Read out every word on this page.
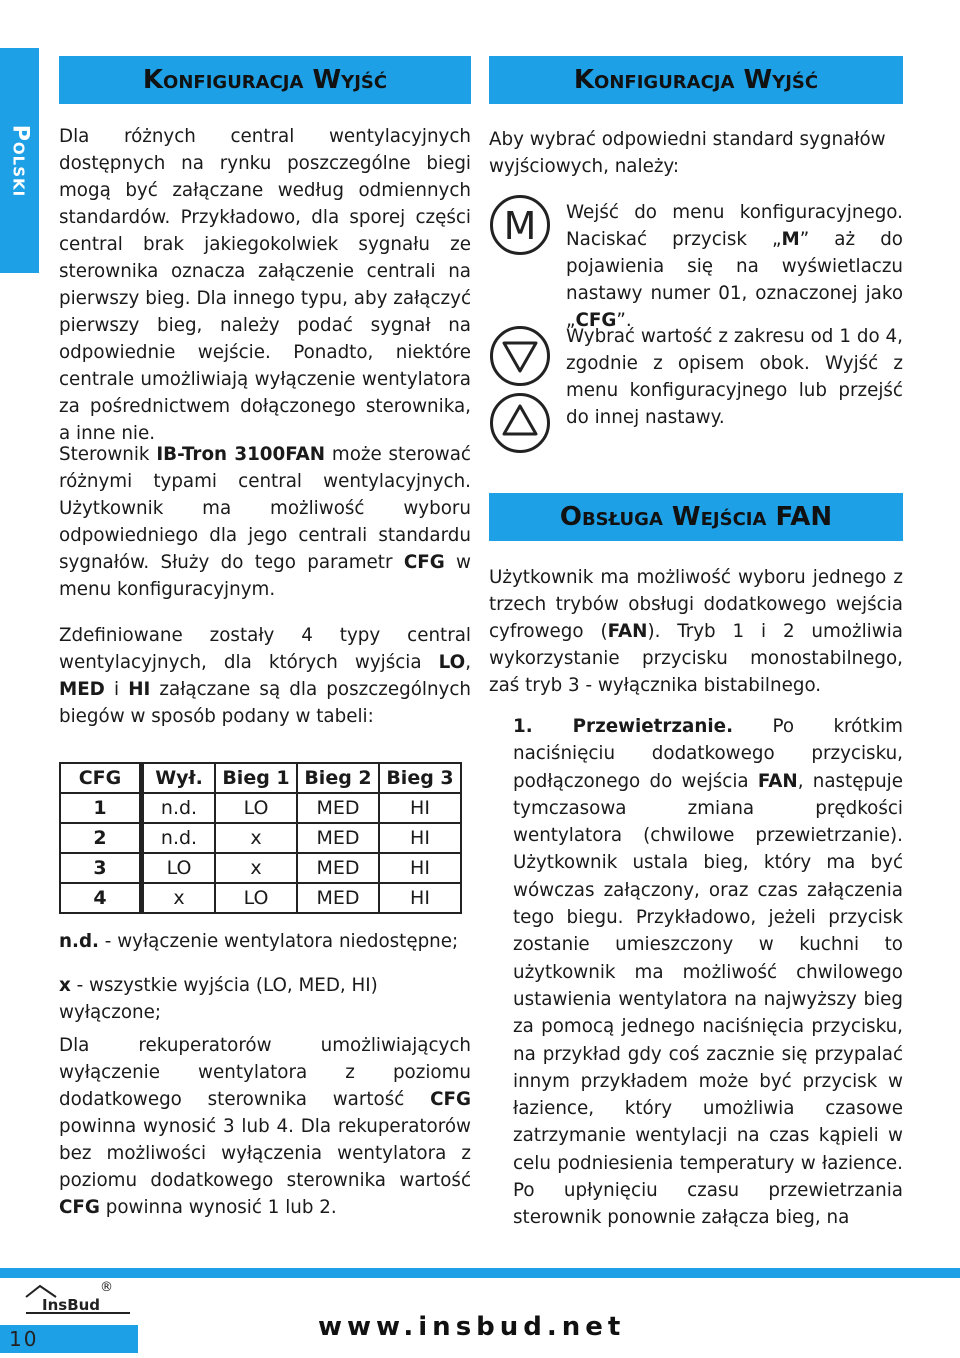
Polski
Konfiguracja Wyjść

Dla różnych central wentylacyjnych dostępnych na rynku poszczególne biegi mogą być załączane według odmiennych standardów. Przykładowo, dla sporej części central brak jakiegokolwiek sygnału ze sterownika oznacza załączenie centrali na pierwszy bieg. Dla innego typu, aby załączyć pierwszy bieg, należy podać sygnał na odpowiednie wejście. Ponadto, niektóre centrale umożliwiają wyłączenie wentylatora za pośrednictwem dołączonego sterownika, a inne nie.

Sterownik IB-Tron 3100FAN może sterować różnymi typami central wentylacyjnych. Użytkownik ma możliwość wyboru odpowiedniego dla jego centrali standardu sygnałów. Służy do tego parametr CFG w menu konfiguracyjnym.

Zdefiniowane zostały 4 typy central wentylacyjnych, dla których wyjścia LO, MED i HI załączane są dla poszczególnych biegów w sposób podany w tabeli:

CFG	Wył.	Bieg 1	Bieg 2	Bieg 3
1	n.d.	LO	MED	HI
2	n.d.	x	MED	HI
3	LO	x	MED	HI
4	x	LO	MED	HI

n.d. - wyłączenie wentylatora niedostępne;

x - wszystkie wyjścia (LO, MED, HI) wyłączone;

Dla rekuperatorów umożliwiających wyłączenie wentylatora z poziomu dodatkowego sterownika wartość CFG powinna wynosić 3 lub 4. Dla rekuperatorów bez możliwości wyłączenia wentylatora z poziomu dodatkowego sterownika wartość CFG powinna wynosić 1 lub 2.

Konfiguracja Wyjść

Aby wybrać odpowiedni standard sygnałów wyjściowych, należy:

M Wejść do menu konfiguracyjnego. Naciskać przycisk „M” aż do pojawienia się na wyświetlaczu nastawy numer 01, oznaczonej jako „CFG”.

Wybrać wartość z zakresu od 1 do 4, zgodnie z opisem obok. Wyjść z menu konfiguracyjnego lub przejść do innej nastawy.

Obsługa Wejścia FAN

Użytkownik ma możliwość wyboru jednego z trzech trybów obsługi dodatkowego wejścia cyfrowego (FAN). Tryb 1 i 2 umożliwia wykorzystanie przycisku monostabilnego, zaś tryb 3 - wyłącznika bistabilnego.

1. Przewietrzanie. Po krótkim naciśnięciu dodatkowego przycisku, podłączonego do wejścia FAN, następuje tymczasowa zmiana prędkości wentylatora (chwilowe przewietrzanie). Użytkownik ustala bieg, który ma być wówczas załączony, oraz czas załączenia tego biegu. Przykładowo, jeżeli przycisk zostanie umieszczony w kuchni to użytkownik ma możliwość chwilowego ustawienia wentylatora na najwyższy bieg za pomocą jednego naciśnięcia przycisku, na przykład gdy coś zacznie się przypalać innym przykładem może być przycisk w łazience, który umożliwia czasowe zatrzymanie wentylacji na czas kąpieli w celu podniesienia temperatury w łazience. Po upłynięciu czasu przewietrzania sterownik ponownie załącza bieg, na

InsBud
®
10	www.insbud.net
